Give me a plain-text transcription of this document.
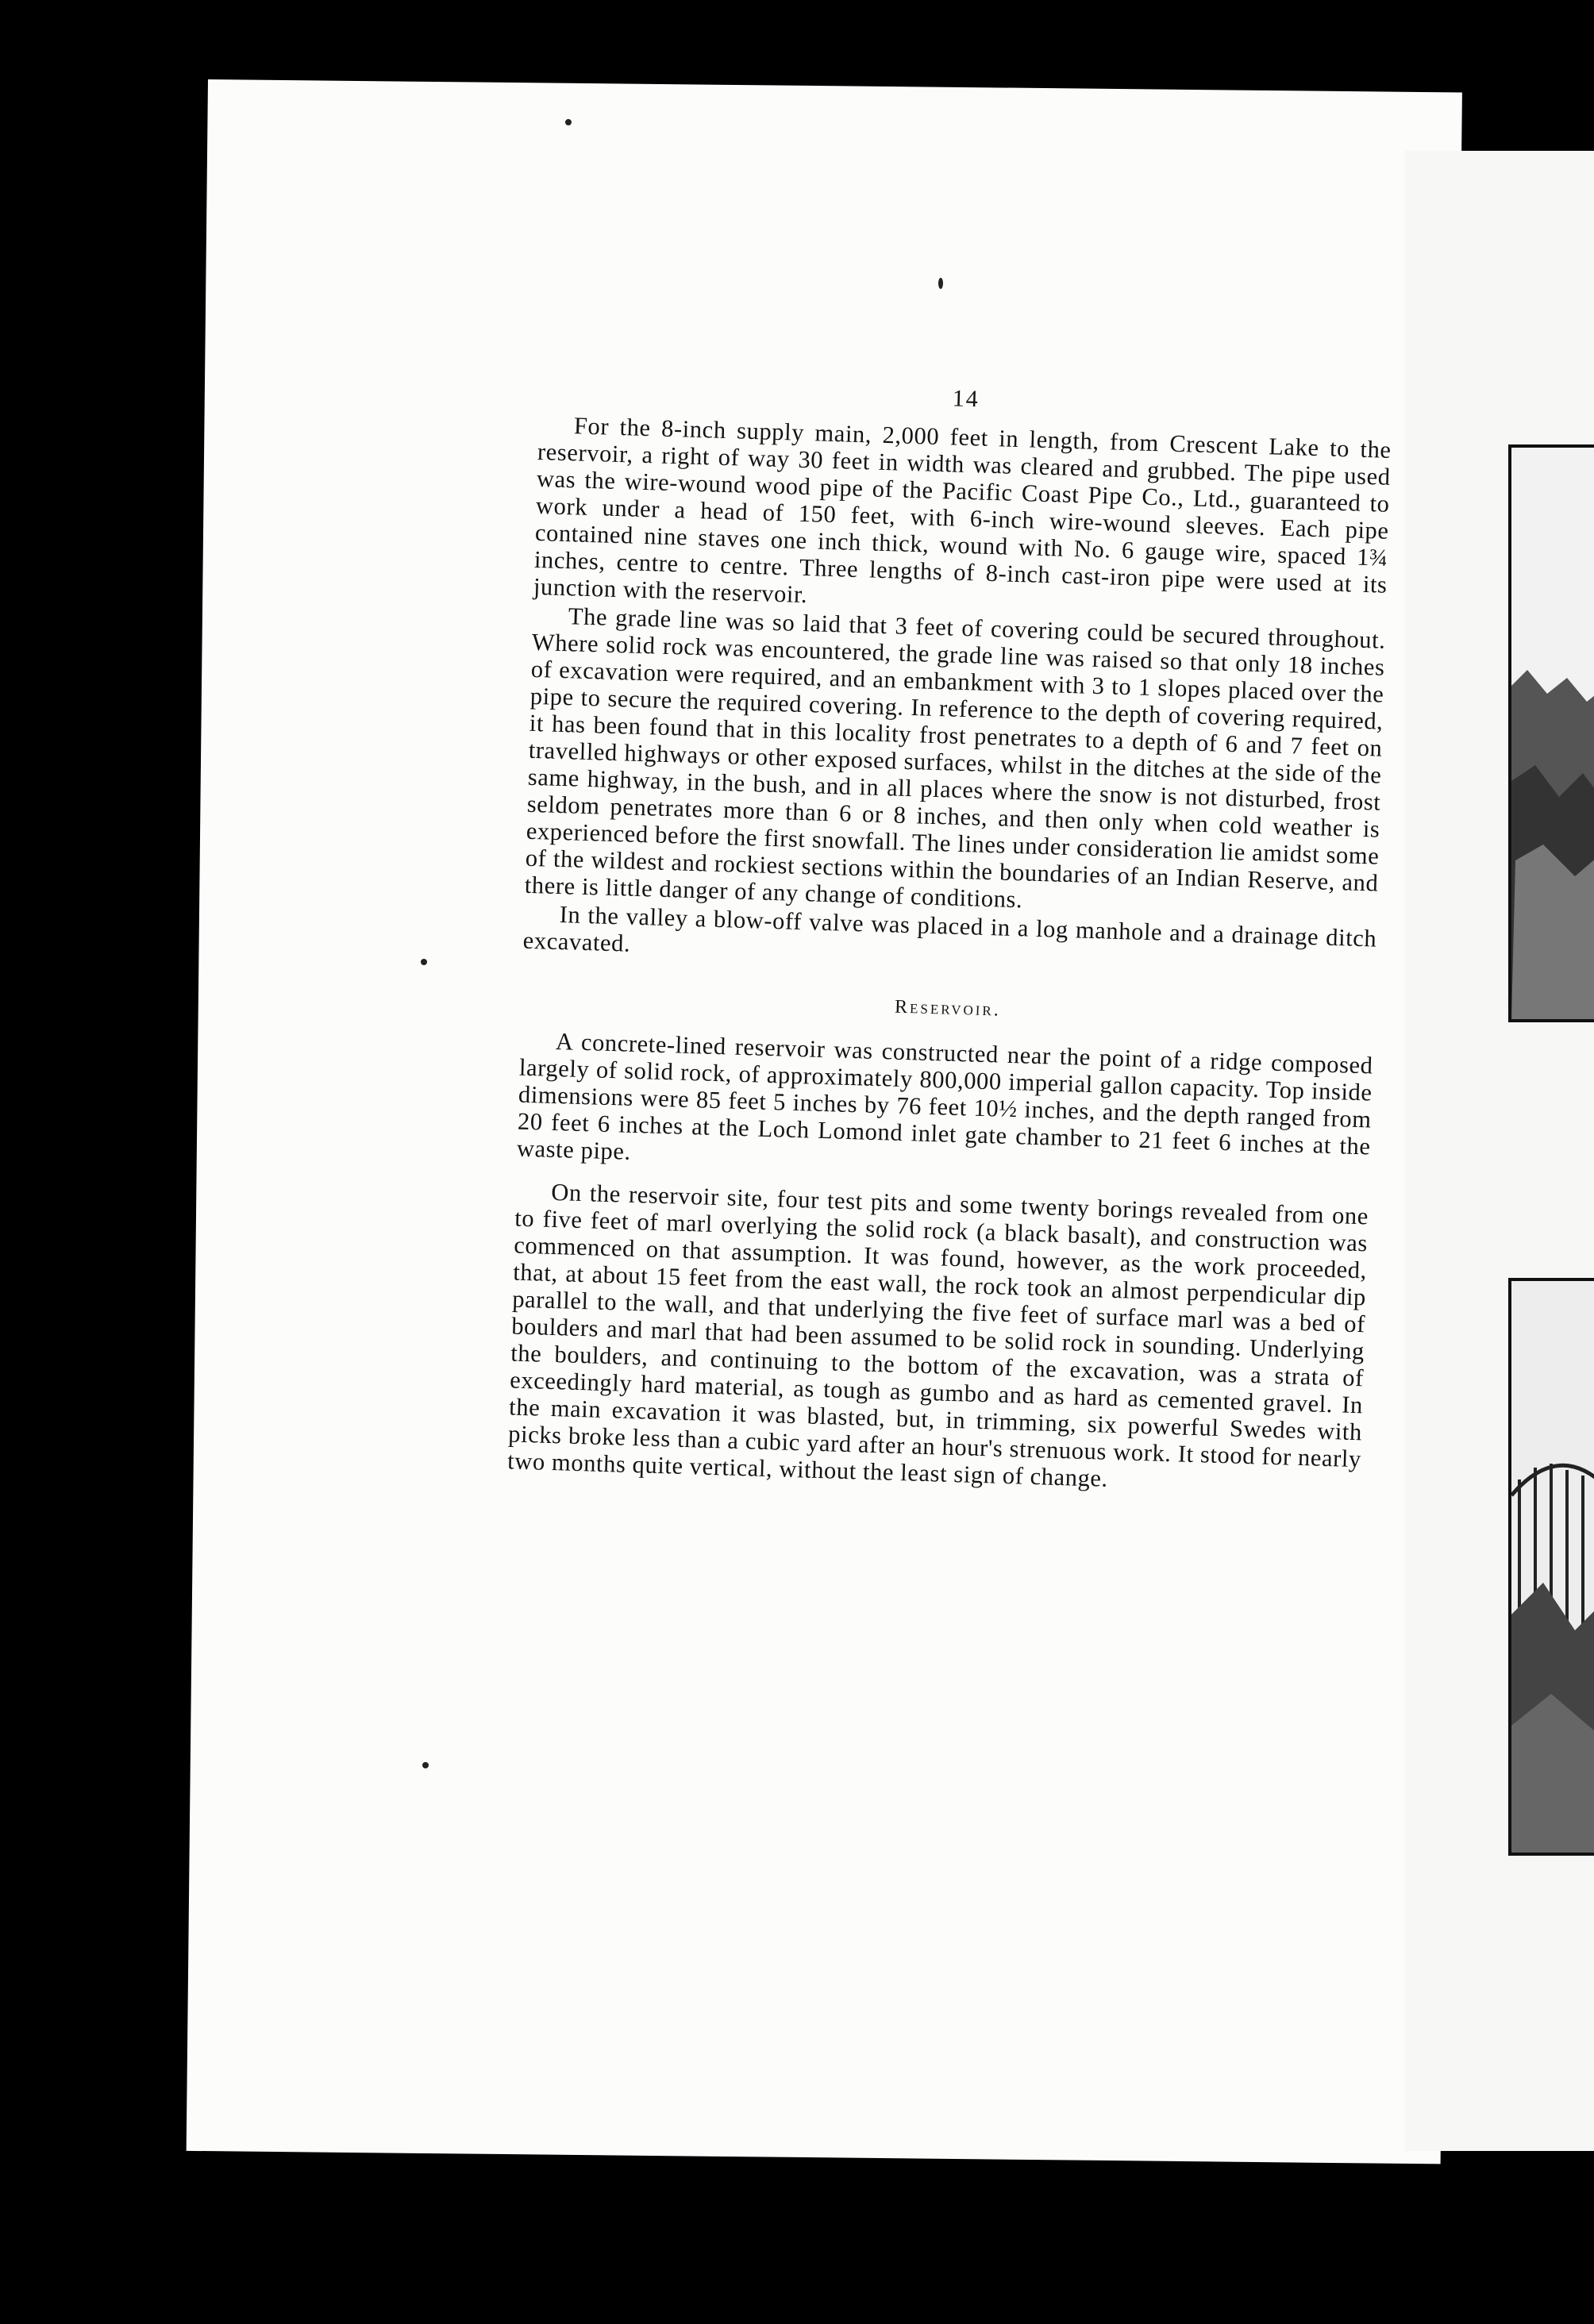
14

For the 8-inch supply main, 2,000 feet in length, from Crescent Lake to the reservoir, a right of way 30 feet in width was cleared and grubbed. The pipe used was the wire-wound wood pipe of the Pacific Coast Pipe Co., Ltd., guaranteed to work under a head of 150 feet, with 6-inch wire-wound sleeves. Each pipe contained nine staves one inch thick, wound with No. 6 gauge wire, spaced 1¾ inches, centre to centre. Three lengths of 8-inch cast-iron pipe were used at its junction with the reservoir.

The grade line was so laid that 3 feet of covering could be secured throughout. Where solid rock was encountered, the grade line was raised so that only 18 inches of excavation were required, and an embankment with 3 to 1 slopes placed over the pipe to secure the required covering. In reference to the depth of covering required, it has been found that in this locality frost penetrates to a depth of 6 and 7 feet on travelled highways or other exposed surfaces, whilst in the ditches at the side of the same highway, in the bush, and in all places where the snow is not disturbed, frost seldom penetrates more than 6 or 8 inches, and then only when cold weather is experienced before the first snowfall. The lines under consideration lie amidst some of the wildest and rockiest sections within the boundaries of an Indian Reserve, and there is little danger of any change of conditions.

In the valley a blow-off valve was placed in a log manhole and a drainage ditch excavated.

Reservoir.

A concrete-lined reservoir was constructed near the point of a ridge composed largely of solid rock, of approximately 800,000 imperial gallon capacity. Top inside dimensions were 85 feet 5 inches by 76 feet 10½ inches, and the depth ranged from 20 feet 6 inches at the Loch Lomond inlet gate chamber to 21 feet 6 inches at the waste pipe.

On the reservoir site, four test pits and some twenty borings revealed from one to five feet of marl overlying the solid rock (a black basalt), and construction was commenced on that assumption. It was found, however, as the work proceeded, that, at about 15 feet from the east wall, the rock took an almost perpendicular dip parallel to the wall, and that underlying the five feet of surface marl was a bed of boulders and marl that had been assumed to be solid rock in sounding. Underlying the boulders, and continuing to the bottom of the excavation, was a strata of exceedingly hard material, as tough as gumbo and as hard as cemented gravel. In the main excavation it was blasted, but, in trimming, six powerful Swedes with picks broke less than a cubic yard after an hour's strenuous work. It stood for nearly two months quite vertical, without the least sign of change.
